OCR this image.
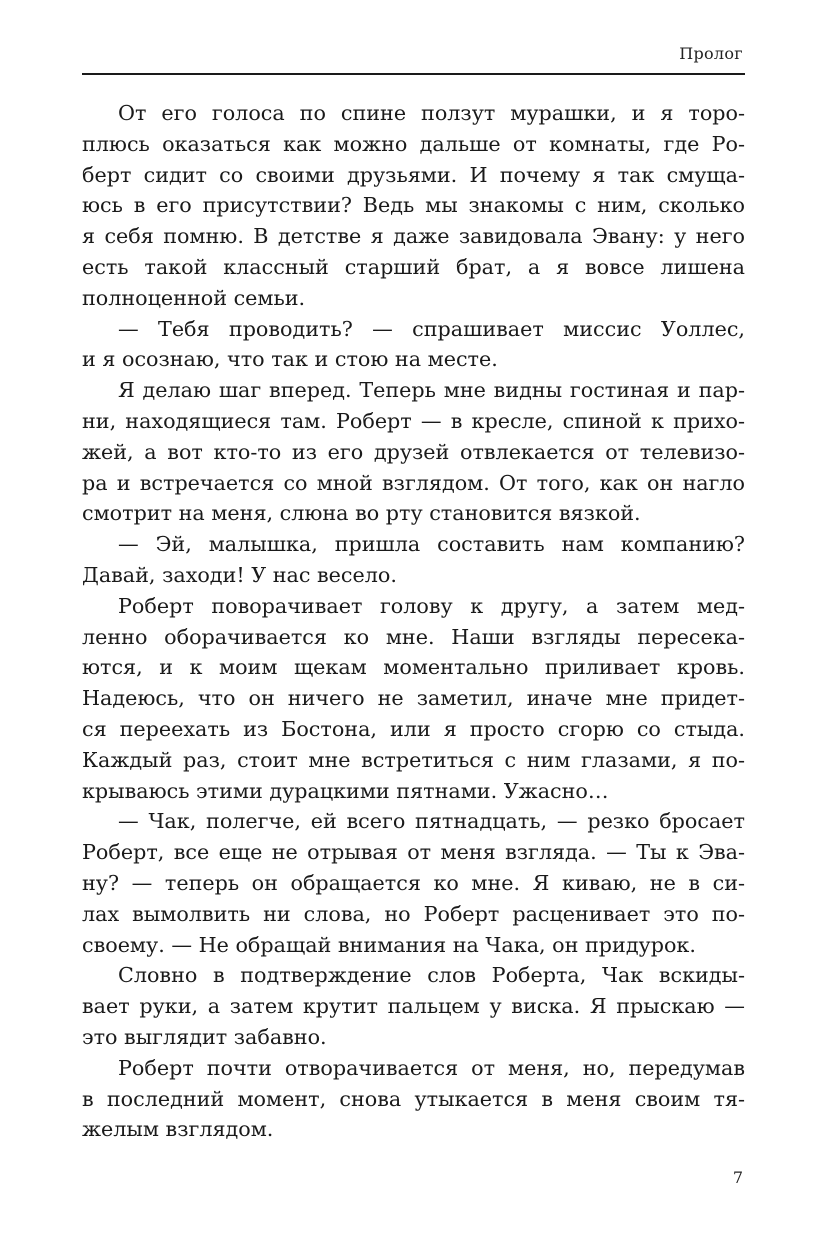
Пролог
От его голоса по спине ползут мурашки, и я торо-
плюсь оказаться как можно дальше от комнаты, где Ро-
берт сидит со своими друзьями. И почему я так смуща-
юсь в его присутствии? Ведь мы знакомы с ним, сколько
я себя помню. В детстве я даже завидовала Эвану: у него
есть такой классный старший брат, а я вовсе лишена
полноценной семьи.
— Тебя проводить? — спрашивает миссис Уоллес,
и я осознаю, что так и стою на месте.
Я делаю шаг вперед. Теперь мне видны гостиная и пар-
ни, находящиеся там. Роберт — в кресле, спиной к прихо-
жей, а вот кто-то из его друзей отвлекается от телевизо-
ра и встречается со мной взглядом. От того, как он нагло
смотрит на меня, слюна во рту становится вязкой.
— Эй, малышка, пришла составить нам компанию?
Давай, заходи! У нас весело.
Роберт поворачивает голову к другу, а затем мед-
ленно оборачивается ко мне. Наши взгляды пересека-
ются, и к моим щекам моментально приливает кровь.
Надеюсь, что он ничего не заметил, иначе мне придет-
ся переехать из Бостона, или я просто сгорю со стыда.
Каждый раз, стоит мне встретиться с ним глазами, я по-
крываюсь этими дурацкими пятнами. Ужасно…
— Чак, полегче, ей всего пятнадцать, — резко бросает
Роберт, все еще не отрывая от меня взгляда. — Ты к Эва-
ну? — теперь он обращается ко мне. Я киваю, не в си-
лах вымолвить ни слова, но Роберт расценивает это по-
своему. — Не обращай внимания на Чака, он придурок.
Словно в подтверждение слов Роберта, Чак вскиды-
вает руки, а затем крутит пальцем у виска. Я прыскаю —
это выглядит забавно.
Роберт почти отворачивается от меня, но, передумав
в последний момент, снова утыкается в меня своим тя-
желым взглядом.
7
